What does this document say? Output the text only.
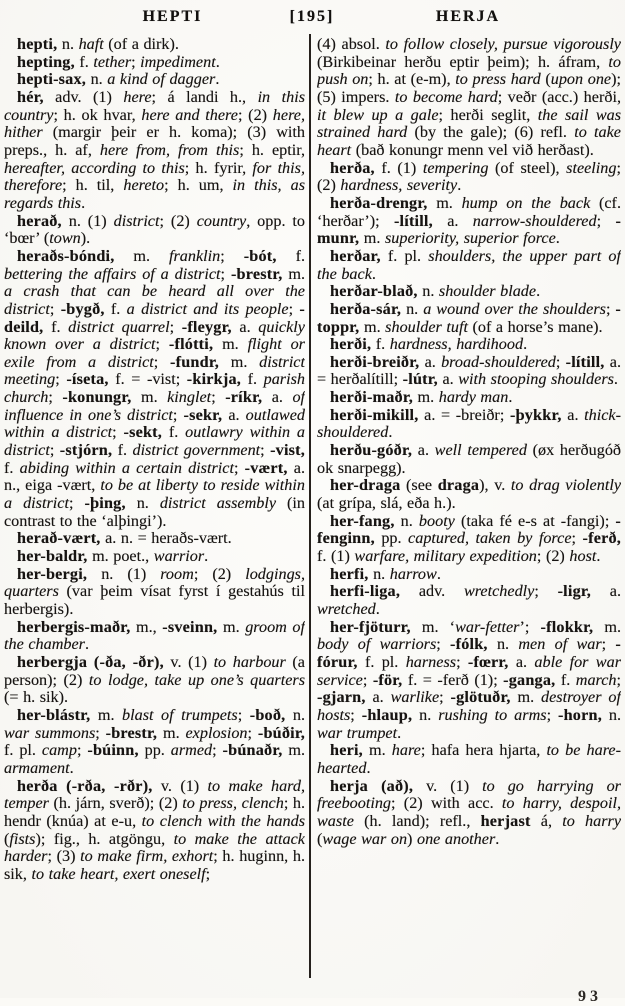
HEPTI	[195]	HERJA

hepti, n. haft (of a dirk).

hepting, f. tether; impediment.

hepti-sax, n. a kind of dagger.

hér, adv. (1) here; á landi h., in this country; h. ok hvar, here and there; (2) here, hither (margir þeir er h. koma); (3) with preps., h. af, here from, from this; h. eptir, hereafter, according to this; h. fyrir, for this, therefore; h. til, hereto; h. um, in this, as regards this.

herað, n. (1) district; (2) country, opp. to ‘bœr’ (town).

heraðs-bóndi, m. franklin; -bót, f. bettering the affairs of a district; -brestr, m. a crash that can be heard all over the district; -bygð, f. a district and its people; -deild, f. district quarrel; -fleygr, a. quickly known over a district; -flótti, m. flight or exile from a district; -fundr, m. district meeting; -íseta, f. = -vist; -kirkja, f. parish church; -konungr, m. kinglet; -ríkr, a. of influence in one’s district; -sekr, a. outlawed within a district; -sekt, f. outlawry within a district; -stjórn, f. district government; -vist, f. abiding within a certain district; -vært, a. n., eiga -vært, to be at liberty to reside within a district; -þing, n. district assembly (in contrast to the ‘alþingi’).

herað-vært, a. n. = heraðs-vært.

her-baldr, m. poet., warrior.

her-bergi, n. (1) room; (2) lodgings, quarters (var þeim vísat fyrst í gestahús til herbergis).

herbergis-maðr, m., -sveinn, m. groom of the chamber.

herbergja (-ða, -ðr), v. (1) to harbour (a person); (2) to lodge, take up one’s quarters (= h. sik).

her-blástr, m. blast of trumpets; -boð, n. war summons; -brestr, m. explosion; -búðir, f. pl. camp; -búinn, pp. armed; -búnaðr, m. armament.

herða (-rða, -rðr), v. (1) to make hard, temper (h. járn, sverð); (2) to press, clench; h. hendr (knúa) at e-u, to clench with the hands (fists); fig., h. atgöngu, to make the attack harder; (3) to make firm, exhort; h. huginn, h. sik, to take heart, exert oneself;

(4) absol. to follow closely, pursue vigorously (Birkibeinar herðu eptir þeim); h. áfram, to push on; h. at (e-m), to press hard (upon one); (5) impers. to become hard; veðr (acc.) herði, it blew up a gale; herði seglit, the sail was strained hard (by the gale); (6) refl. to take heart (bað konungr menn vel við herðast).

herða, f. (1) tempering (of steel), steeling; (2) hardness, severity.

herða-drengr, m. hump on the back (cf. ‘herðar’); -lítill, a. narrow-shouldered; -munr, m. superiority, superior force.

herðar, f. pl. shoulders, the upper part of the back.

herðar-blað, n. shoulder blade.

herða-sár, n. a wound over the shoulders; -toppr, m. shoulder tuft (of a horse’s mane).

herði, f. hardness, hardihood.

herði-breiðr, a. broad-shouldered; -lítill, a. = herðalítill; -lútr, a. with stooping shoulders.

herði-maðr, m. hardy man.

herði-mikill, a. = -breiðr; -þykkr, a. thick-shouldered.

herðu-góðr, a. well tempered (øx herðugóð ok snarpegg).

her-draga (see draga), v. to drag violently (at grípa, slá, eða h.).

her-fang, n. booty (taka fé e-s at -fangi); -fenginn, pp. captured, taken by force; -ferð, f. (1) warfare, military expedition; (2) host.

herfi, n. harrow.

herfi-liga, adv. wretchedly; -ligr, a. wretched.

her-fjöturr, m. ‘war-fetter’; -flokkr, m. body of warriors; -fólk, n. men of war; -fórur, f. pl. harness; -fœrr, a. able for war service; -för, f. = -ferð (1); -ganga, f. march; -gjarn, a. warlike; -glötuðr, m. destroyer of hosts; -hlaup, n. rushing to arms; -horn, n. war trumpet.

heri, m. hare; hafa hera hjarta, to be hare-hearted.

herja (að), v. (1) to go harrying or freebooting; (2) with acc. to harry, despoil, waste (h. land); refl., herjast á, to harry (wage war on) one another.

93
